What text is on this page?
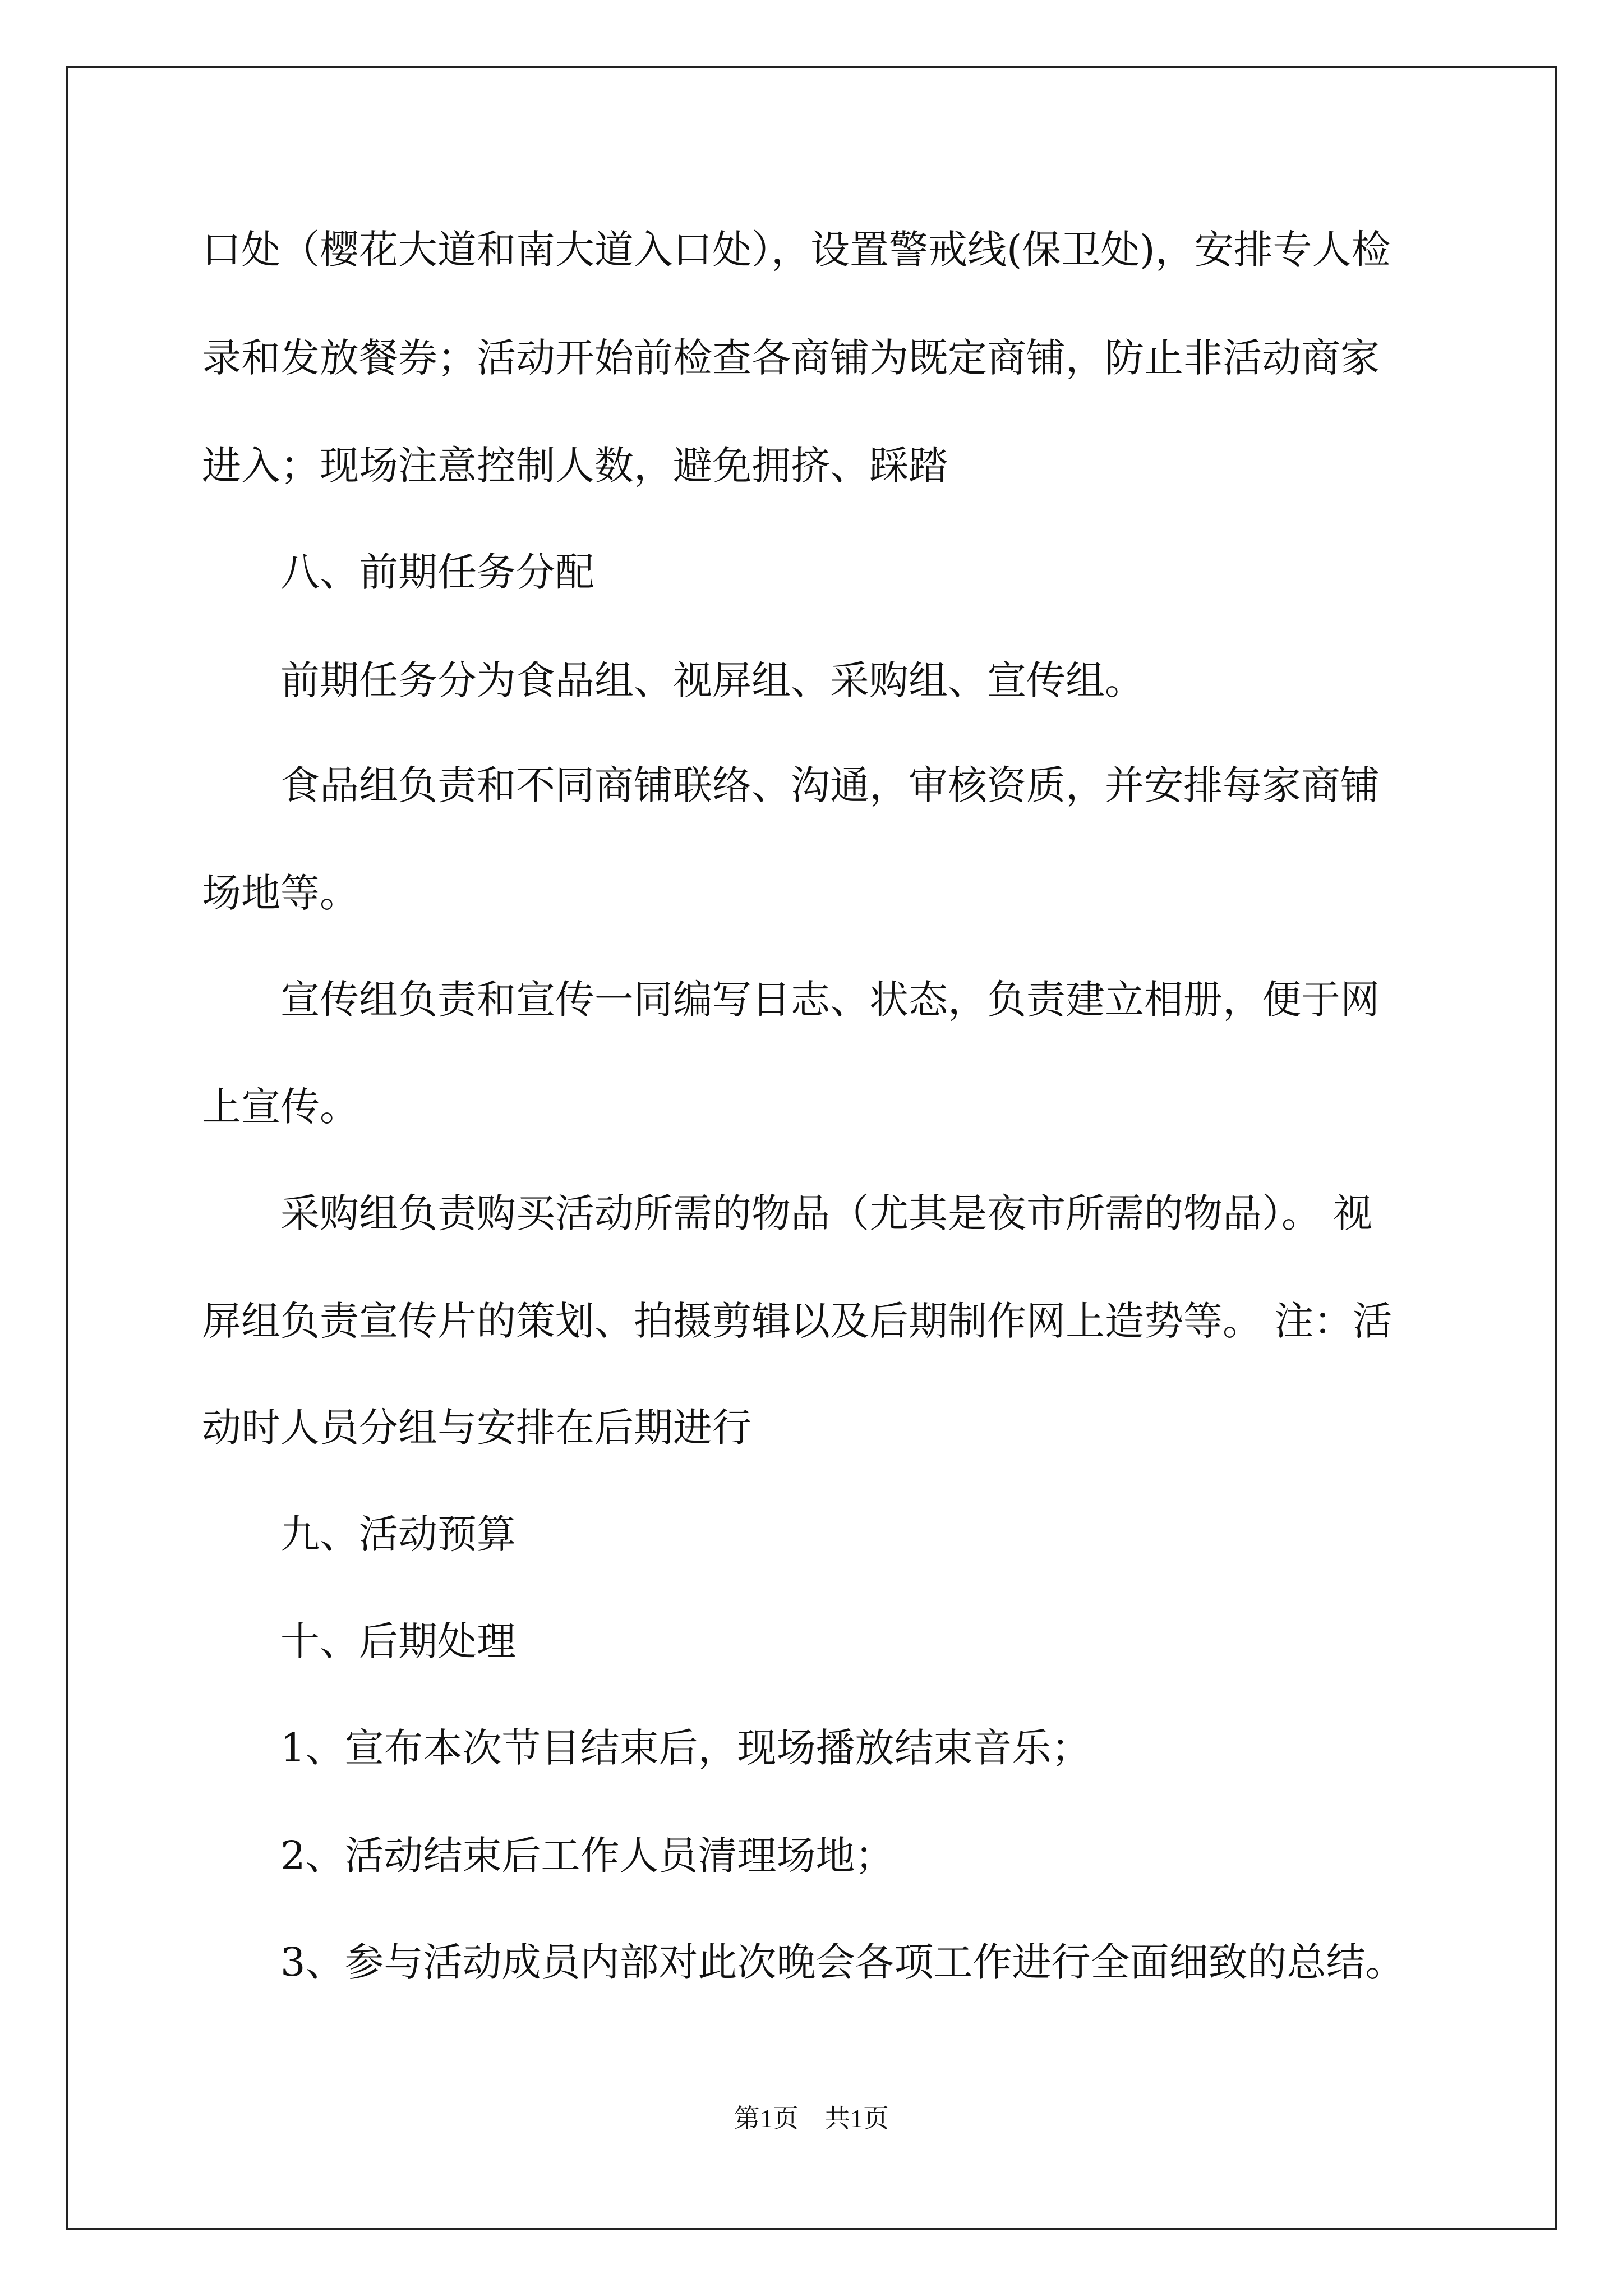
口处（樱花大道和南大道入口处），设置警戒线(保卫处)，安排专人检
录和发放餐券；活动开始前检查各商铺为既定商铺，防止非活动商家
进入；现场注意控制人数，避免拥挤、踩踏
八、前期任务分配
前期任务分为食品组、视屏组、采购组、宣传组。
食品组负责和不同商铺联络、沟通，审核资质，并安排每家商铺
场地等。
宣传组负责和宣传一同编写日志、状态，负责建立相册，便于网
上宣传。
采购组负责购买活动所需的物品（尤其是夜市所需的物品）。 视
屏组负责宣传片的策划、拍摄剪辑以及后期制作网上造势等。 注：活
动时人员分组与安排在后期进行
九、活动预算
十、后期处理
1、宣布本次节目结束后，现场播放结束音乐；
2、活动结束后工作人员清理场地；
3、参与活动成员内部对此次晚会各项工作进行全面细致的总结。
第1页　共1页
